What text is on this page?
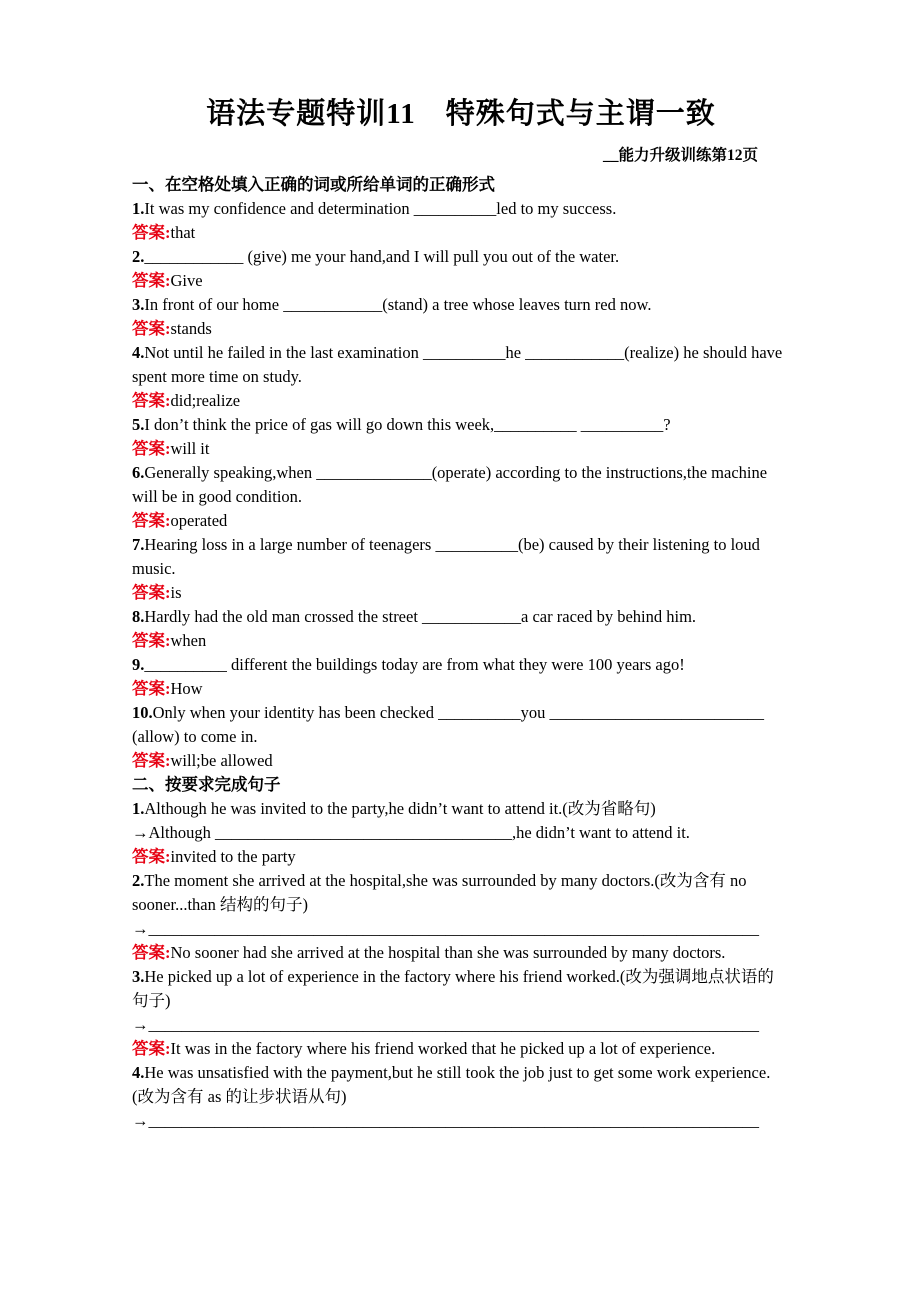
语法专题特训11　特殊句式与主谓一致
__能力升级训练第12页

一、在空格处填入正确的词或所给单词的正确形式

1.It was my confidence and determination __________led to my success.

答案:that

2.____________ (give) me your hand,and I will pull you out of the water.

答案:Give

3.In front of our home ____________(stand) a tree whose leaves turn red now.

答案:stands

4.Not until he failed in the last examination __________he ____________(realize) he should have spent more time on study.

答案:did;realize

5.I don’t think the price of gas will go down this week,__________ __________?

答案:will it

6.Generally speaking,when ______________(operate) according to the instructions,the machine will be in good condition.

答案:operated

7.Hearing loss in a large number of teenagers __________(be) caused by their listening to loud music.

答案:is

8.Hardly had the old man crossed the street ____________a car raced by behind him.

答案:when

9.__________ different the buildings today are from what they were 100 years ago!

答案:How

10.Only when your identity has been checked __________you __________________________ (allow) to come in.

答案:will;be allowed

二、按要求完成句子

1.Although he was invited to the party,he didn’t want to attend it.(改为省略句)

→Although ____________________________________,he didn’t want to attend it.

答案:invited to the party

2.The moment she arrived at the hospital,she was surrounded by many doctors.(改为含有 no sooner...than 结构的句子)

→__________________________________________________________________________

答案:No sooner had she arrived at the hospital than she was surrounded by many doctors.

3.He picked up a lot of experience in the factory where his friend worked.(改为强调地点状语的句子)

→__________________________________________________________________________

答案:It was in the factory where his friend worked that he picked up a lot of experience.

4.He was unsatisfied with the payment,but he still took the job just to get some work experience.(改为含有 as 的让步状语从句)

→__________________________________________________________________________
